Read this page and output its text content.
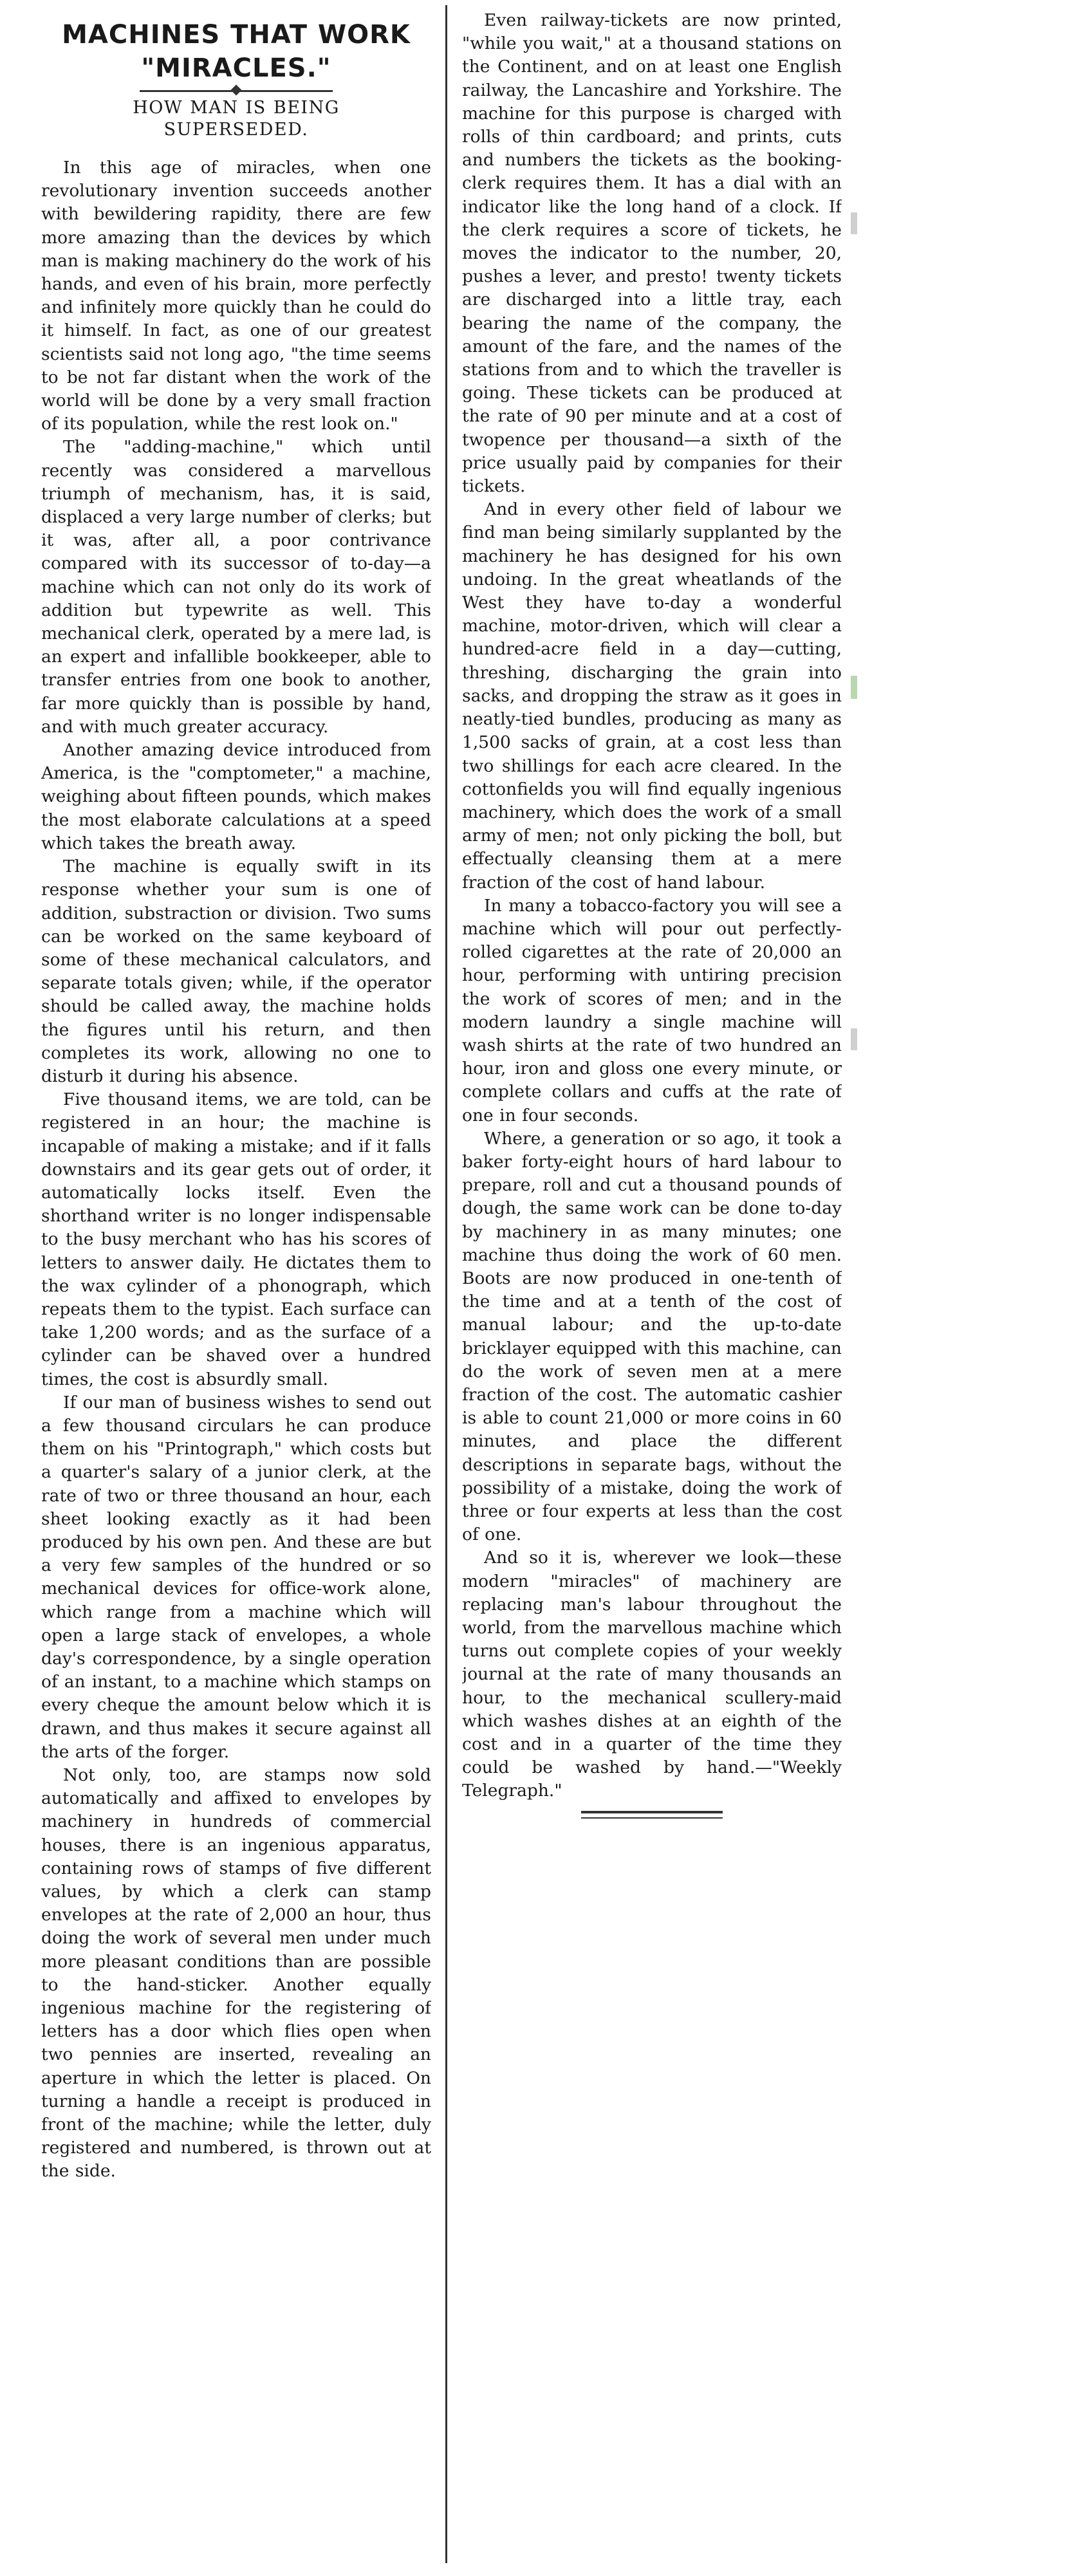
MACHINES THAT WORK
"MIRACLES."
HOW MAN IS BEING SUPERSEDED.

In this age of miracles, when one revolutionary invention succeeds another with bewildering rapidity, there are few more amazing than the devices by which man is making machinery do the work of his hands, and even of his brain, more perfectly and infinitely more quickly than he could do it himself. In fact, as one of our greatest scientists said not long ago, "the time seems to be not far distant when the work of the world will be done by a very small fraction of its population, while the rest look on."

The "adding-machine," which until recently was considered a marvellous triumph of mechanism, has, it is said, displaced a very large number of clerks; but it was, after all, a poor contrivance compared with its successor of to-day—a machine which can not only do its work of addition but typewrite as well. This mechanical clerk, operated by a mere lad, is an expert and infallible bookkeeper, able to transfer entries from one book to another, far more quickly than is possible by hand, and with much greater accuracy.

Another amazing device introduced from America, is the "comptometer," a machine, weighing about fifteen pounds, which makes the most elaborate calculations at a speed which takes the breath away.

The machine is equally swift in its response whether your sum is one of addition, substraction or division. Two sums can be worked on the same keyboard of some of these mechanical calculators, and separate totals given; while, if the operator should be called away, the machine holds the figures until his return, and then completes its work, allowing no one to disturb it during his absence.

Five thousand items, we are told, can be registered in an hour; the machine is incapable of making a mistake; and if it falls downstairs and its gear gets out of order, it automatically locks itself. Even the shorthand writer is no longer indispensable to the busy merchant who has his scores of letters to answer daily. He dictates them to the wax cylinder of a phonograph, which repeats them to the typist. Each surface can take 1,200 words; and as the surface of a cylinder can be shaved over a hundred times, the cost is absurdly small.

If our man of business wishes to send out a few thousand circulars he can produce them on his "Printograph," which costs but a quarter's salary of a junior clerk, at the rate of two or three thousand an hour, each sheet looking exactly as it had been produced by his own pen. And these are but a very few samples of the hundred or so mechanical devices for office-work alone, which range from a machine which will open a large stack of envelopes, a whole day's correspondence, by a single operation of an instant, to a machine which stamps on every cheque the amount below which it is drawn, and thus makes it secure against all the arts of the forger.

Not only, too, are stamps now sold automatically and affixed to envelopes by machinery in hundreds of commercial houses, there is an ingenious apparatus, containing rows of stamps of five different values, by which a clerk can stamp envelopes at the rate of 2,000 an hour, thus doing the work of several men under much more pleasant conditions than are possible to the hand-sticker. Another equally ingenious machine for the registering of letters has a door which flies open when two pennies are inserted, revealing an aperture in which the letter is placed. On turning a handle a receipt is produced in front of the machine; while the letter, duly registered and numbered, is thrown out at the side.

Even railway-tickets are now printed, "while you wait," at a thousand stations on the Continent, and on at least one English railway, the Lancashire and Yorkshire. The machine for this purpose is charged with rolls of thin cardboard; and prints, cuts and numbers the tickets as the booking-clerk requires them. It has a dial with an indicator like the long hand of a clock. If the clerk requires a score of tickets, he moves the indicator to the number, 20, pushes a lever, and presto! twenty tickets are discharged into a little tray, each bearing the name of the company, the amount of the fare, and the names of the stations from and to which the traveller is going. These tickets can be produced at the rate of 90 per minute and at a cost of twopence per thousand—a sixth of the price usually paid by companies for their tickets.

And in every other field of labour we find man being similarly supplanted by the machinery he has designed for his own undoing. In the great wheatlands of the West they have to-day a wonderful machine, motor-driven, which will clear a hundred-acre field in a day—cutting, threshing, discharging the grain into sacks, and dropping the straw as it goes in neatly-tied bundles, producing as many as 1,500 sacks of grain, at a cost less than two shillings for each acre cleared. In the cottonfields you will find equally ingenious machinery, which does the work of a small army of men; not only picking the boll, but effectually cleansing them at a mere fraction of the cost of hand labour.

In many a tobacco-factory you will see a machine which will pour out perfectly-rolled cigarettes at the rate of 20,000 an hour, performing with untiring precision the work of scores of men; and in the modern laundry a single machine will wash shirts at the rate of two hundred an hour, iron and gloss one every minute, or complete collars and cuffs at the rate of one in four seconds.

Where, a generation or so ago, it took a baker forty-eight hours of hard labour to prepare, roll and cut a thousand pounds of dough, the same work can be done to-day by machinery in as many minutes; one machine thus doing the work of 60 men. Boots are now produced in one-tenth of the time and at a tenth of the cost of manual labour; and the up-to-date bricklayer equipped with this machine, can do the work of seven men at a mere fraction of the cost. The automatic cashier is able to count 21,000 or more coins in 60 minutes, and place the different descriptions in separate bags, without the possibility of a mistake, doing the work of three or four experts at less than the cost of one.

And so it is, wherever we look—these modern "miracles" of machinery are replacing man's labour throughout the world, from the marvellous machine which turns out complete copies of your weekly journal at the rate of many thousands an hour, to the mechanical scullery-maid which washes dishes at an eighth of the cost and in a quarter of the time they could be washed by hand.—"Weekly Telegraph."
